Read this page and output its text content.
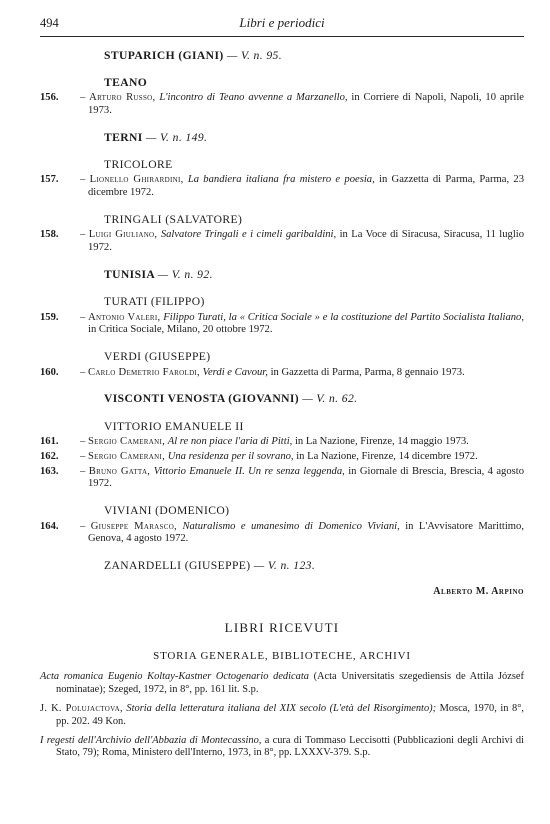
494	Libri e periodici
STUPARICH (GIANI) — V. n. 95.
TEANO
156.	– Arturo Russo, L'incontro di Teano avvenne a Marzanello, in Corriere di Napoli, Napoli, 10 aprile 1973.
TERNI — V. n. 149.
TRICOLORE
157.	– Lionello Ghirardini, La bandiera italiana fra mistero e poesia, in Gazzetta di Parma, Parma, 23 dicembre 1972.
TRINGALI (SALVATORE)
158.	– Luigi Giuliano, Salvatore Tringali e i cimeli garibaldini, in La Voce di Siracusa, Siracusa, 11 luglio 1972.
TUNISIA — V. n. 92.
TURATI (FILIPPO)
159.	– Antonio Valeri, Filippo Turati, la « Critica Sociale » e la costituzione del Partito Socialista Italiano, in Critica Sociale, Milano, 20 ottobre 1972.
VERDI (GIUSEPPE)
160.	– Carlo Demetrio Faroldi, Verdi e Cavour, in Gazzetta di Parma, Parma, 8 gennaio 1973.
VISCONTI VENOSTA (GIOVANNI) — V. n. 62.
VITTORIO EMANUELE II
161.	– Sergio Camerani, Al re non piace l'aria di Pitti, in La Nazione, Firenze, 14 maggio 1973.
162.	– Sergio Camerani, Una residenza per il sovrano, in La Nazione, Firenze, 14 dicembre 1972.
163.	– Bruno Gatta, Vittorio Emanuele II. Un re senza leggenda, in Giornale di Brescia, Brescia, 4 agosto 1972.
VIVIANI (DOMENICO)
164.	– Giuseppe Marasco, Naturalismo e umanesimo di Domenico Viviani, in L'Avvisatore Marittimo, Genova, 4 agosto 1972.
ZANARDELLI (GIUSEPPE) — V. n. 123.
Alberto M. Arpino
LIBRI RICEVUTI
STORIA GENERALE, BIBLIOTECHE, ARCHIVI
Acta romanica Eugenio Koltay-Kastner Octogenario dedicata (Acta Universitatis szegediensis de Attila József nominatae); Szeged, 1972, in 8°, pp. 161 lit. S.p.
J. K. Polujactova, Storia della letteratura italiana del XIX secolo (L'età del Risorgimento); Mosca, 1970, in 8°, pp. 202. 49 Kon.
I regesti dell'Archivio dell'Abbazia di Montecassino, a cura di Tommaso Leccisotti (Pubblicazioni degli Archivi di Stato, 79); Roma, Ministero dell'Interno, 1973, in 8°, pp. LXXXV-379. S.p.
